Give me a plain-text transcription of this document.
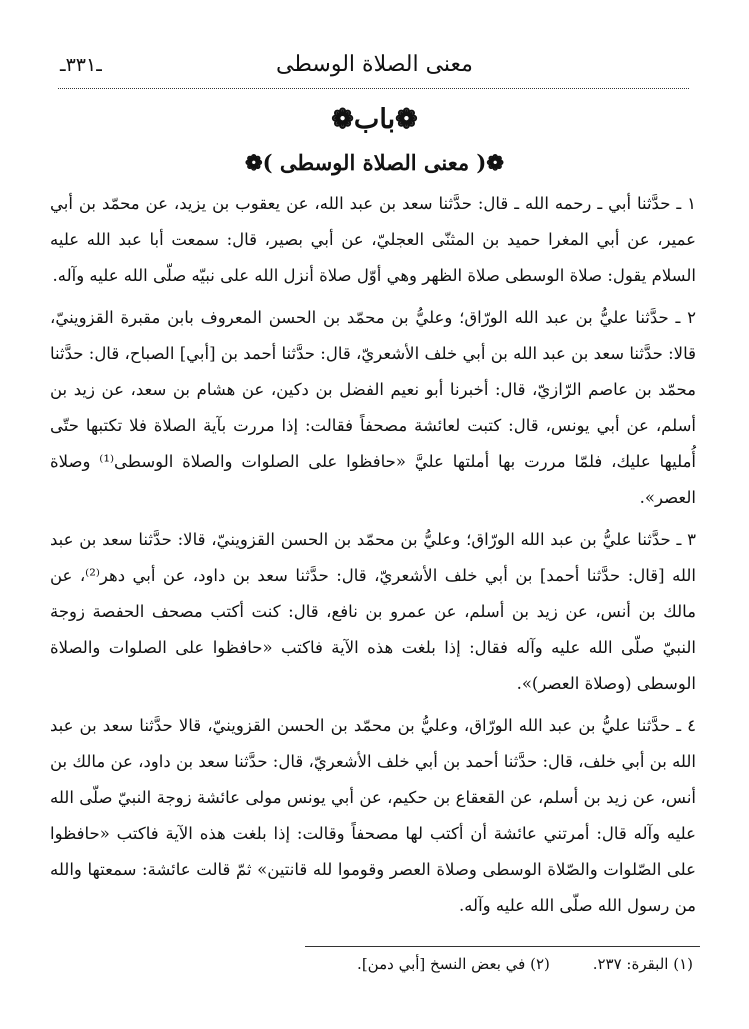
ـ٣٣١ـ	معنى الصلاة الوسطى
❁باب❁
❁( معنى الصلاة الوسطى )❁

١ ـ حدَّثنا أبي ـ رحمه الله ـ قال: حدَّثنا سعد بن عبد الله، عن يعقوب بن يزيد، عن محمّد بن أبي عمير، عن أبي المغرا حميد بن المثنّى العجليّ، عن أبي بصير، قال: سمعت أبا عبد الله عليه السلام يقول: صلاة الوسطى صلاة الظهر وهي أوّل صلاة أنزل الله على نبيّه صلّى الله عليه وآله.

٢ ـ حدَّثنا عليُّ بن عبد الله الورّاق؛ وعليُّ بن محمّد بن الحسن المعروف بابن مقبرة القزوينيّ، قالا: حدَّثنا سعد بن عبد الله بن أبي خلف الأشعريّ، قال: حدَّثنا أحمد بن [أبي] الصباح، قال: حدَّثنا محمّد بن عاصم الرّازيّ، قال: أخبرنا أبو نعيم الفضل بن دكين، عن هشام بن سعد، عن زيد بن أسلم، عن أبي يونس، قال: كتبت لعائشة مصحفاً فقالت: إذا مررت بآية الصلاة فلا تكتبها حتّى أُمليها عليك، فلمّا مررت بها أملتها عليَّ «حافظوا على الصلوات والصلاة الوسطى⁽¹⁾ وصلاة العصر».

٣ ـ حدَّثنا عليُّ بن عبد الله الورّاق؛ وعليُّ بن محمّد بن الحسن القزوينيّ، قالا: حدَّثنا سعد بن عبد الله [قال: حدَّثنا أحمد] بن أبي خلف الأشعريّ، قال: حدَّثنا سعد بن داود، عن أبي دهر⁽²⁾، عن مالك بن أنس، عن زيد بن أسلم، عن عمرو بن نافع، قال: كنت أكتب مصحف الحفصة زوجة النبيّ صلّى الله عليه وآله فقال: إذا بلغت هذه الآية فاكتب «حافظوا على الصلوات والصلاة الوسطى (وصلاة العصر)».

٤ ـ حدَّثنا عليُّ بن عبد الله الورّاق، وعليُّ بن محمّد بن الحسن القزوينيّ، قالا حدَّثنا سعد بن عبد الله بن أبي خلف، قال: حدَّثنا أحمد بن أبي خلف الأشعريّ، قال: حدَّثنا سعد بن داود، عن مالك بن أنس، عن زيد بن أسلم، عن القعقاع بن حكيم، عن أبي يونس مولى عائشة زوجة النبيّ صلّى الله عليه وآله قال: أمرتني عائشة أن أكتب لها مصحفاً وقالت: إذا بلغت هذه الآية فاكتب «حافظوا على الصّلوات والصّلاة الوسطى وصلاة العصر وقوموا لله قانتين» ثمّ قالت عائشة: سمعتها والله من رسول الله صلّى الله عليه وآله.

(١) البقرة: ٢٣٧. (٢) في بعض النسخ [أبي دمن].
